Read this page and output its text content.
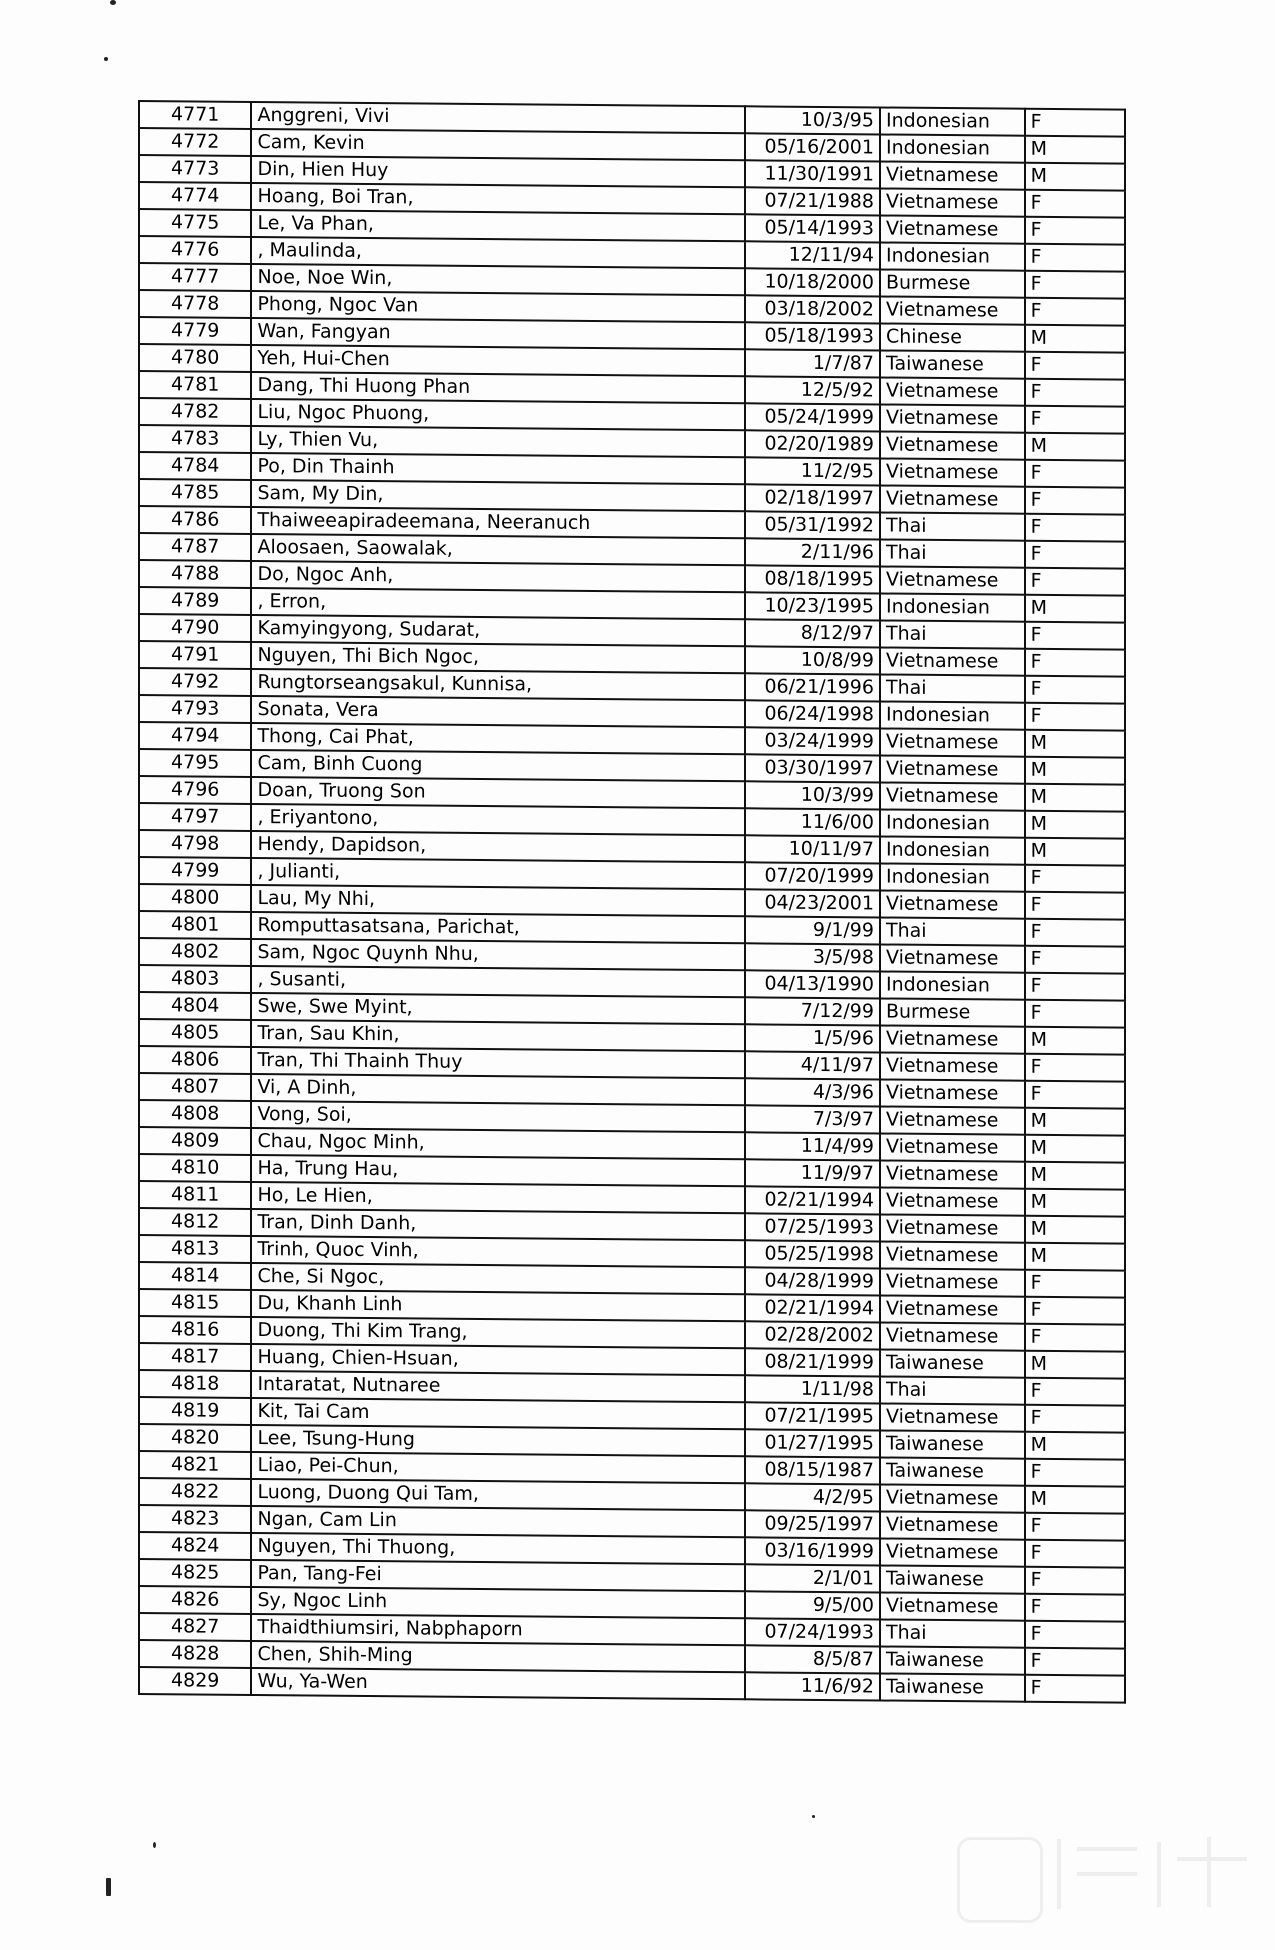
4771	Anggreni, Vivi	10/3/95	Indonesian	F
4772	Cam, Kevin	05/16/2001	Indonesian	M
4773	Din, Hien Huy	11/30/1991	Vietnamese	M
4774	Hoang, Boi Tran,	07/21/1988	Vietnamese	F
4775	Le, Va Phan,	05/14/1993	Vietnamese	F
4776	, Maulinda,	12/11/94	Indonesian	F
4777	Noe, Noe Win,	10/18/2000	Burmese	F
4778	Phong, Ngoc Van	03/18/2002	Vietnamese	F
4779	Wan, Fangyan	05/18/1993	Chinese	M
4780	Yeh, Hui-Chen	1/7/87	Taiwanese	F
4781	Dang, Thi Huong Phan	12/5/92	Vietnamese	F
4782	Liu, Ngoc Phuong,	05/24/1999	Vietnamese	F
4783	Ly, Thien Vu,	02/20/1989	Vietnamese	M
4784	Po, Din Thainh	11/2/95	Vietnamese	F
4785	Sam, My Din,	02/18/1997	Vietnamese	F
4786	Thaiweeapiradeemana, Neeranuch	05/31/1992	Thai	F
4787	Aloosaen, Saowalak,	2/11/96	Thai	F
4788	Do, Ngoc Anh,	08/18/1995	Vietnamese	F
4789	, Erron,	10/23/1995	Indonesian	M
4790	Kamyingyong, Sudarat,	8/12/97	Thai	F
4791	Nguyen, Thi Bich Ngoc,	10/8/99	Vietnamese	F
4792	Rungtorseangsakul, Kunnisa,	06/21/1996	Thai	F
4793	Sonata, Vera	06/24/1998	Indonesian	F
4794	Thong, Cai Phat,	03/24/1999	Vietnamese	M
4795	Cam, Binh Cuong	03/30/1997	Vietnamese	M
4796	Doan, Truong Son	10/3/99	Vietnamese	M
4797	, Eriyantono,	11/6/00	Indonesian	M
4798	Hendy, Dapidson,	10/11/97	Indonesian	M
4799	, Julianti,	07/20/1999	Indonesian	F
4800	Lau, My Nhi,	04/23/2001	Vietnamese	F
4801	Romputtasatsana, Parichat,	9/1/99	Thai	F
4802	Sam, Ngoc Quynh Nhu,	3/5/98	Vietnamese	F
4803	, Susanti,	04/13/1990	Indonesian	F
4804	Swe, Swe Myint,	7/12/99	Burmese	F
4805	Tran, Sau Khin,	1/5/96	Vietnamese	M
4806	Tran, Thi Thainh Thuy	4/11/97	Vietnamese	F
4807	Vi, A Dinh,	4/3/96	Vietnamese	F
4808	Vong, Soi,	7/3/97	Vietnamese	M
4809	Chau, Ngoc Minh,	11/4/99	Vietnamese	M
4810	Ha, Trung Hau,	11/9/97	Vietnamese	M
4811	Ho, Le Hien,	02/21/1994	Vietnamese	M
4812	Tran, Dinh Danh,	07/25/1993	Vietnamese	M
4813	Trinh, Quoc Vinh,	05/25/1998	Vietnamese	M
4814	Che, Si Ngoc,	04/28/1999	Vietnamese	F
4815	Du, Khanh Linh	02/21/1994	Vietnamese	F
4816	Duong, Thi Kim Trang,	02/28/2002	Vietnamese	F
4817	Huang, Chien-Hsuan,	08/21/1999	Taiwanese	M
4818	Intaratat, Nutnaree	1/11/98	Thai	F
4819	Kit, Tai Cam	07/21/1995	Vietnamese	F
4820	Lee, Tsung-Hung	01/27/1995	Taiwanese	M
4821	Liao, Pei-Chun,	08/15/1987	Taiwanese	F
4822	Luong, Duong Qui Tam,	4/2/95	Vietnamese	M
4823	Ngan, Cam Lin	09/25/1997	Vietnamese	F
4824	Nguyen, Thi Thuong,	03/16/1999	Vietnamese	F
4825	Pan, Tang-Fei	2/1/01	Taiwanese	F
4826	Sy, Ngoc Linh	9/5/00	Vietnamese	F
4827	Thaidthiumsiri, Nabphaporn	07/24/1993	Thai	F
4828	Chen, Shih-Ming	8/5/87	Taiwanese	F
4829	Wu, Ya-Wen	11/6/92	Taiwanese	F
